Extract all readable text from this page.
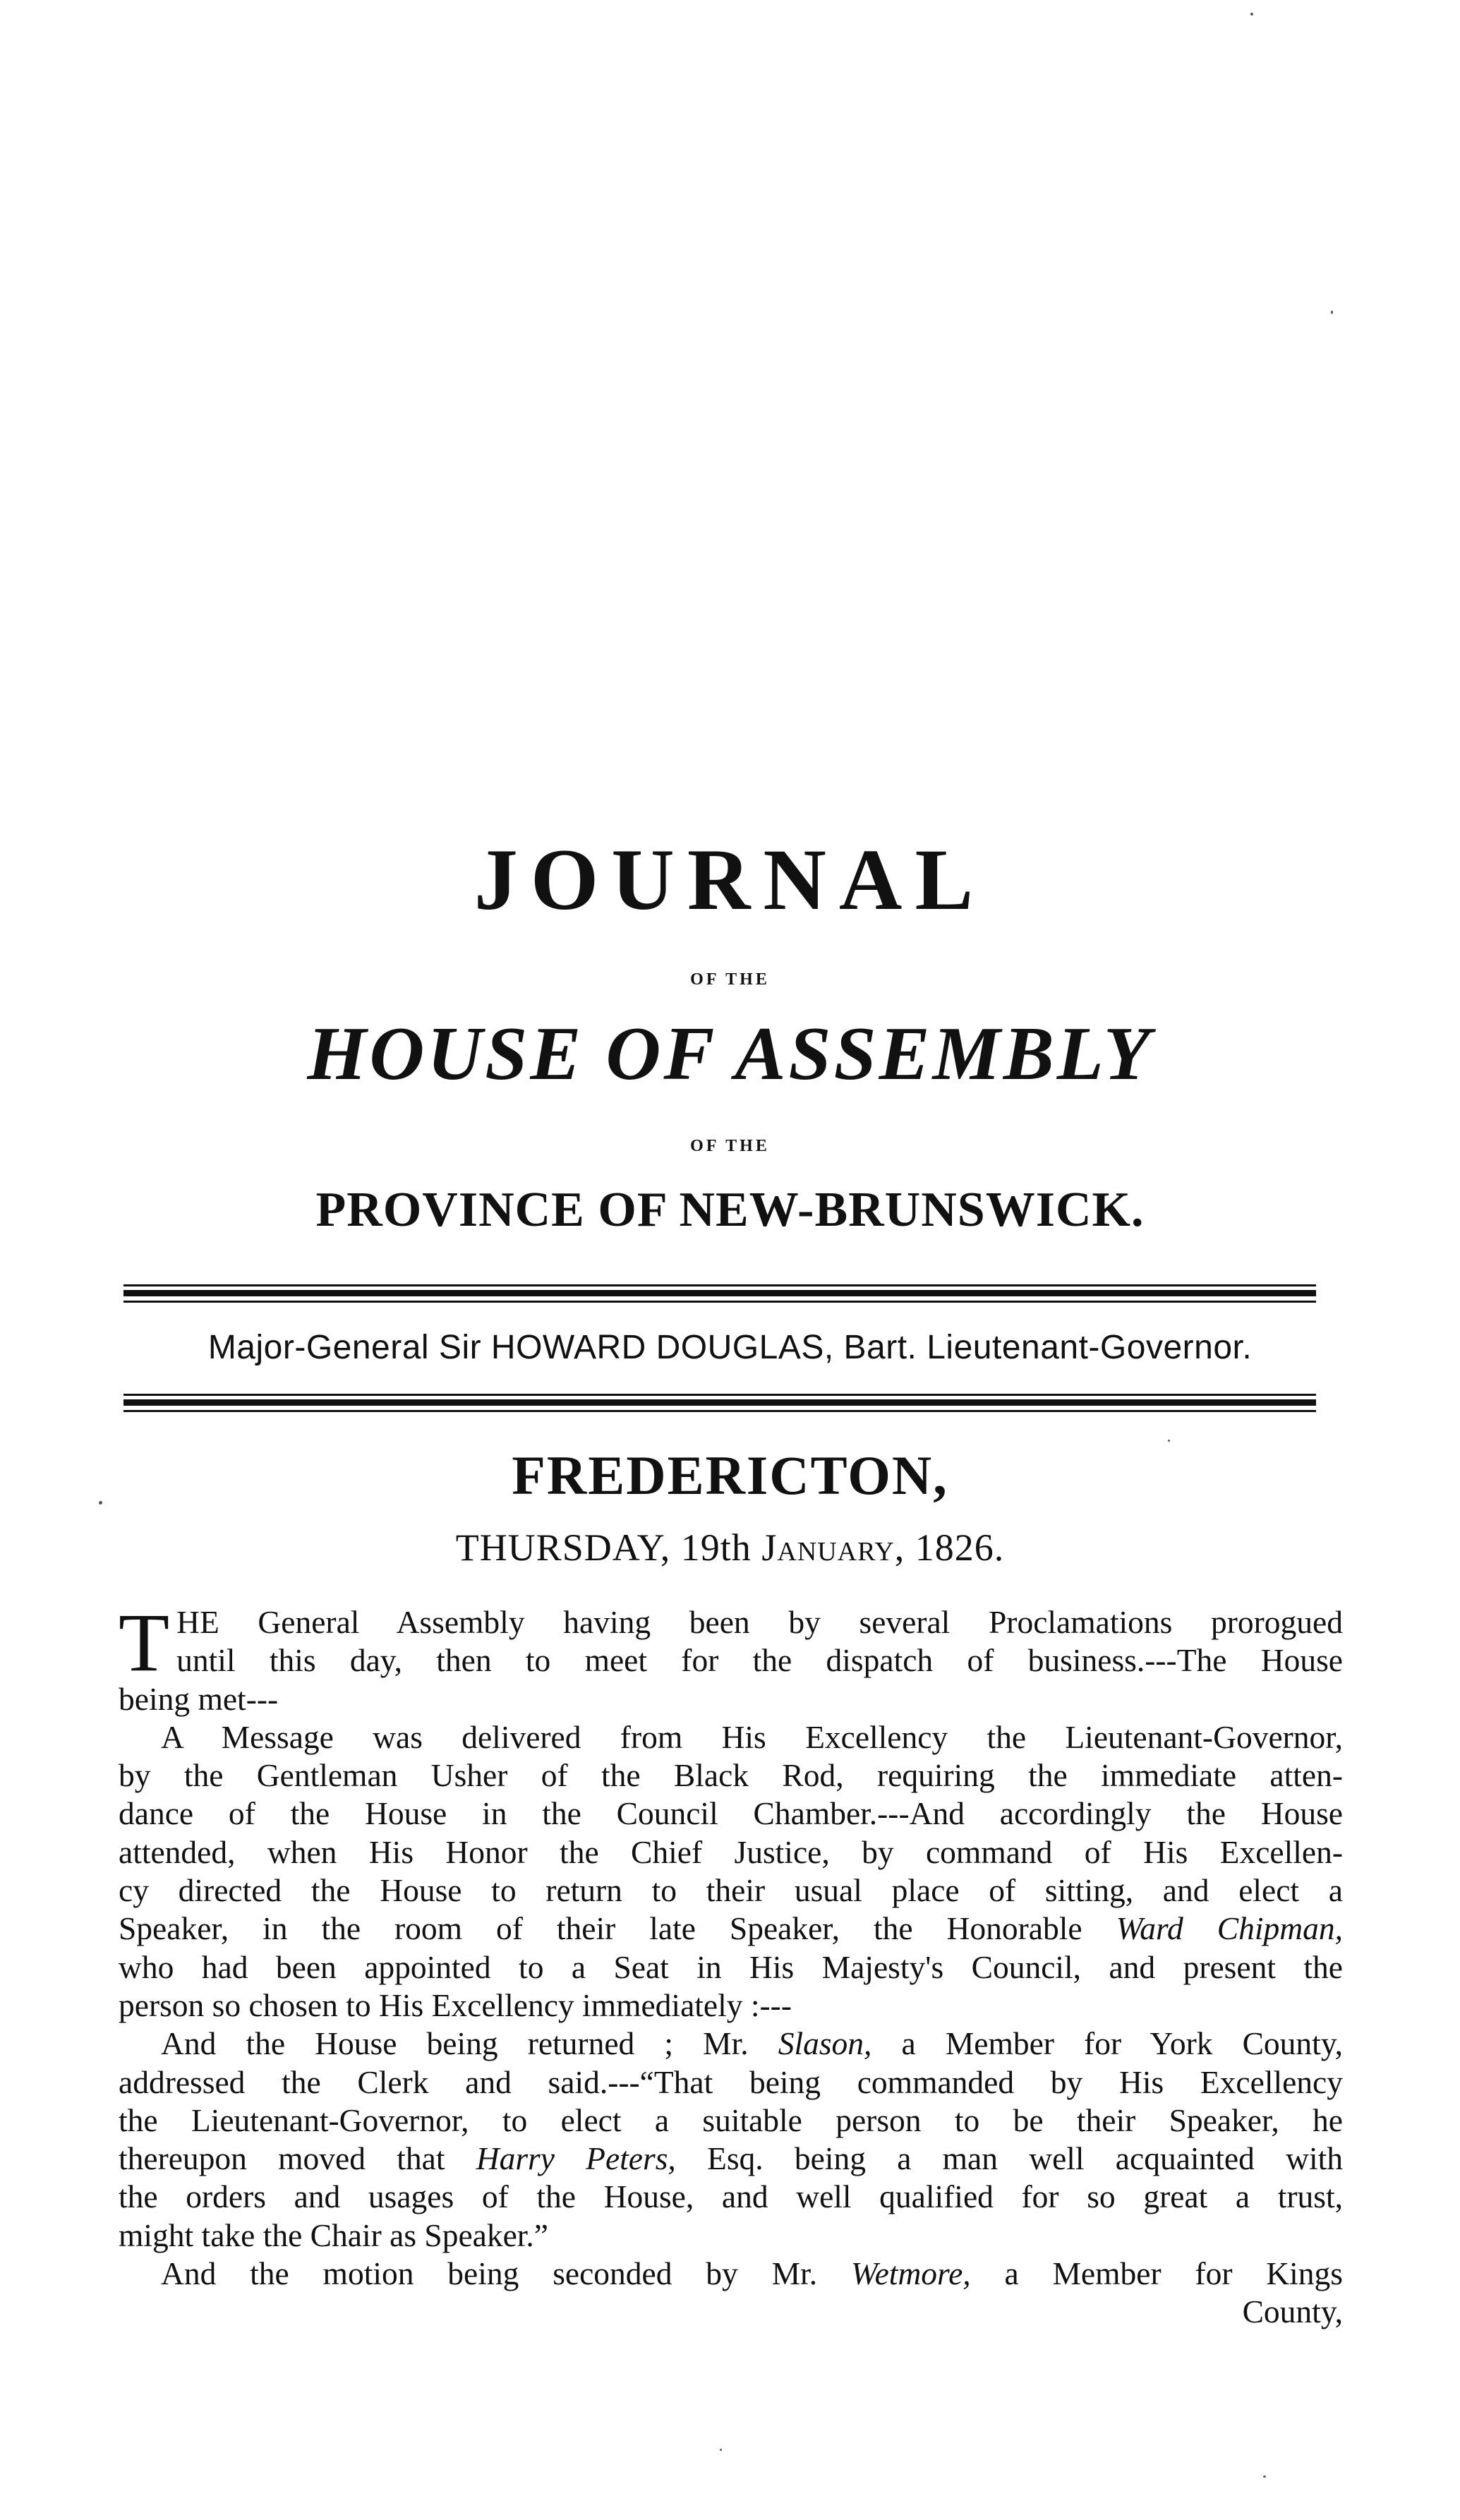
JOURNAL
OF THE
HOUSE OF ASSEMBLY
OF THE
PROVINCE OF NEW-BRUNSWICK.
Major-General Sir HOWARD DOUGLAS, Bart. Lieutenant-Governor.
FREDERICTON,
THURSDAY, 19th January, 1826.
T HE General Assembly having been by several Proclamations prorogued
until this day, then to meet for the dispatch of business.---The House
being met---
A Message was delivered from His Excellency the Lieutenant-Governor,
by the Gentleman Usher of the Black Rod, requiring the immediate atten-
dance of the House in the Council Chamber.---And accordingly the House
attended, when His Honor the Chief Justice, by command of His Excellen-
cy directed the House to return to their usual place of sitting, and elect a
Speaker, in the room of their late Speaker, the Honorable Ward Chipman,
who had been appointed to a Seat in His Majesty's Council, and present the
person so chosen to His Excellency immediately :---
And the House being returned ; Mr. Slason, a Member for York County,
addressed the Clerk and said.---“That being commanded by His Excellency
the Lieutenant-Governor, to elect a suitable person to be their Speaker, he
thereupon moved that Harry Peters, Esq. being a man well acquainted with
the orders and usages of the House, and well qualified for so great a trust,
might take the Chair as Speaker.”
And the motion being seconded by Mr. Wetmore, a Member for Kings
County,
